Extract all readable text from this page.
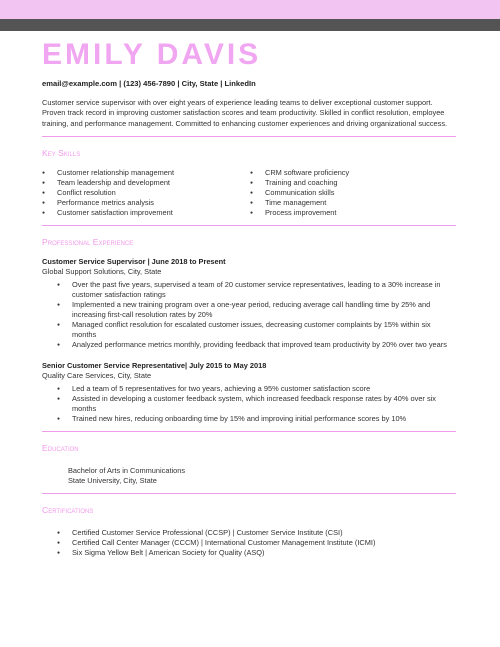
EMILY DAVIS
email@example.com | (123) 456-7890 | City, State | LinkedIn

Customer service supervisor with over eight years of experience leading teams to deliver exceptional customer support. Proven track record in improving customer satisfaction scores and team productivity. Skilled in conflict resolution, employee training, and performance management. Committed to enhancing customer experiences and driving organizational success.

Key Skills
● Customer relationship management
● Team leadership and development
● Conflict resolution
● Performance metrics analysis
● Customer satisfaction improvement
● CRM software proficiency
● Training and coaching
● Communication skills
● Time management
● Process improvement
Professional Experience
Customer Service Supervisor | June 2018 to Present
Global Support Solutions, City, State
● Over the past five years, supervised a team of 20 customer service representatives, leading to a 30% increase in customer satisfaction ratings
● Implemented a new training program over a one-year period, reducing average call handling time by 25% and increasing first-call resolution rates by 20%
● Managed conflict resolution for escalated customer issues, decreasing customer complaints by 15% within six months
● Analyzed performance metrics monthly, providing feedback that improved team productivity by 20% over two years
Senior Customer Service Representative| July 2015 to May 2018
Quality Care Services, City, State
● Led a team of 5 representatives for two years, achieving a 95% customer satisfaction score
● Assisted in developing a customer feedback system, which increased feedback response rates by 40% over six months
● Trained new hires, reducing onboarding time by 15% and improving initial performance scores by 10%
Education
Bachelor of Arts in Communications
State University, City, State
Certifications
● Certified Customer Service Professional (CCSP) | Customer Service Institute (CSI)
● Certified Call Center Manager (CCCM) | International Customer Management Institute (ICMI)
● Six Sigma Yellow Belt | American Society for Quality (ASQ)
